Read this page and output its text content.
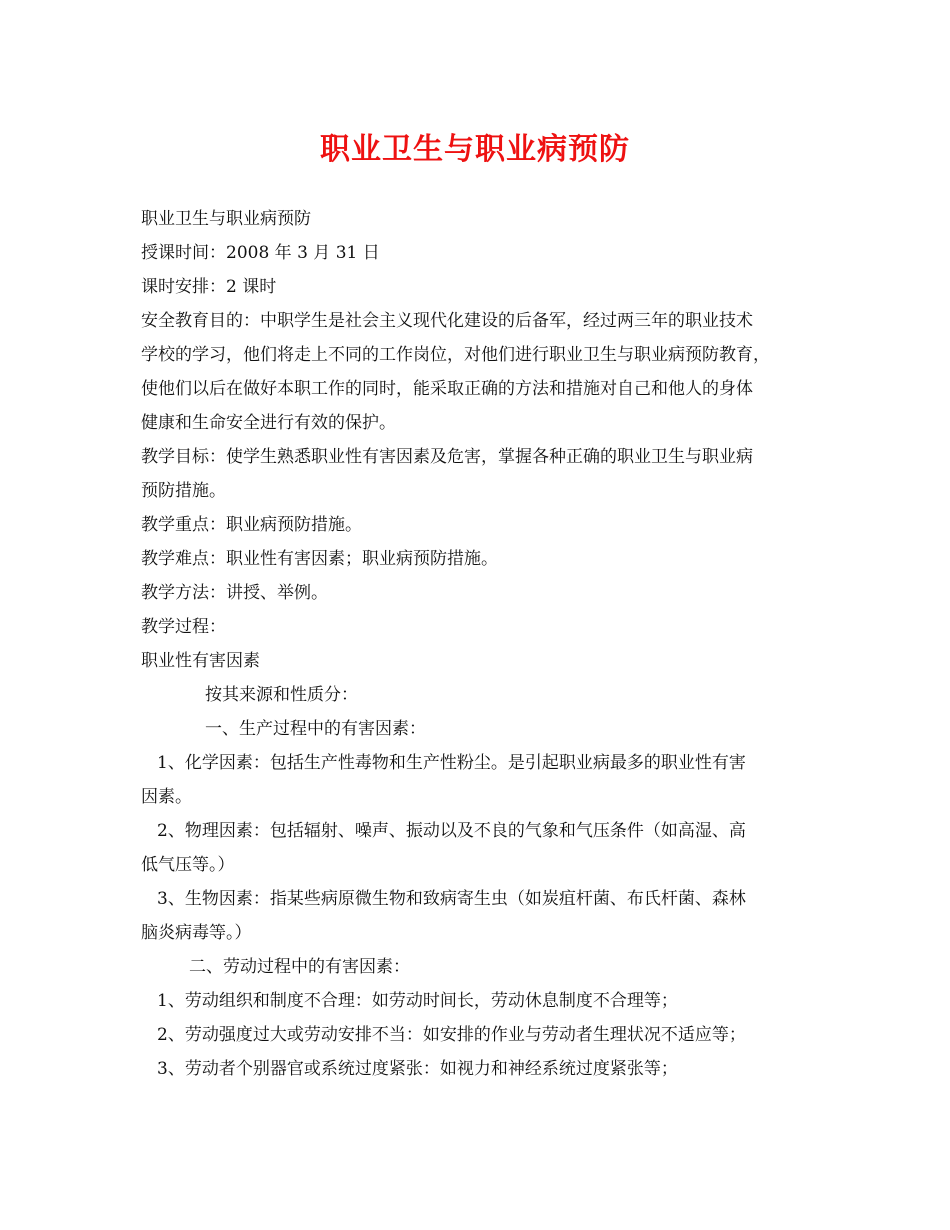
职业卫生与职业病预防
职业卫生与职业病预防
授课时间：2008 年 3 月 31 日
课时安排：2 课时
安全教育目的：中职学生是社会主义现代化建设的后备军，经过两三年的职业技术
学校的学习，他们将走上不同的工作岗位，对他们进行职业卫生与职业病预防教育，
使他们以后在做好本职工作的同时，能采取正确的方法和措施对自己和他人的身体
健康和生命安全进行有效的保护。
教学目标：使学生熟悉职业性有害因素及危害，掌握各种正确的职业卫生与职业病
预防措施。
教学重点：职业病预防措施。
教学难点：职业性有害因素；职业病预防措施。
教学方法：讲授、举例。
教学过程：
职业性有害因素
按其来源和性质分：
一、生产过程中的有害因素：
1、化学因素：包括生产性毒物和生产性粉尘。是引起职业病最多的职业性有害
因素。
2、物理因素：包括辐射、噪声、振动以及不良的气象和气压条件（如高湿、高
低气压等。）
3、生物因素：指某些病原微生物和致病寄生虫（如炭疽杆菌、布氏杆菌、森林
脑炎病毒等。）
二、劳动过程中的有害因素：
1、劳动组织和制度不合理：如劳动时间长，劳动休息制度不合理等；
2、劳动强度过大或劳动安排不当：如安排的作业与劳动者生理状况不适应等；
3、劳动者个别器官或系统过度紧张：如视力和神经系统过度紧张等；
